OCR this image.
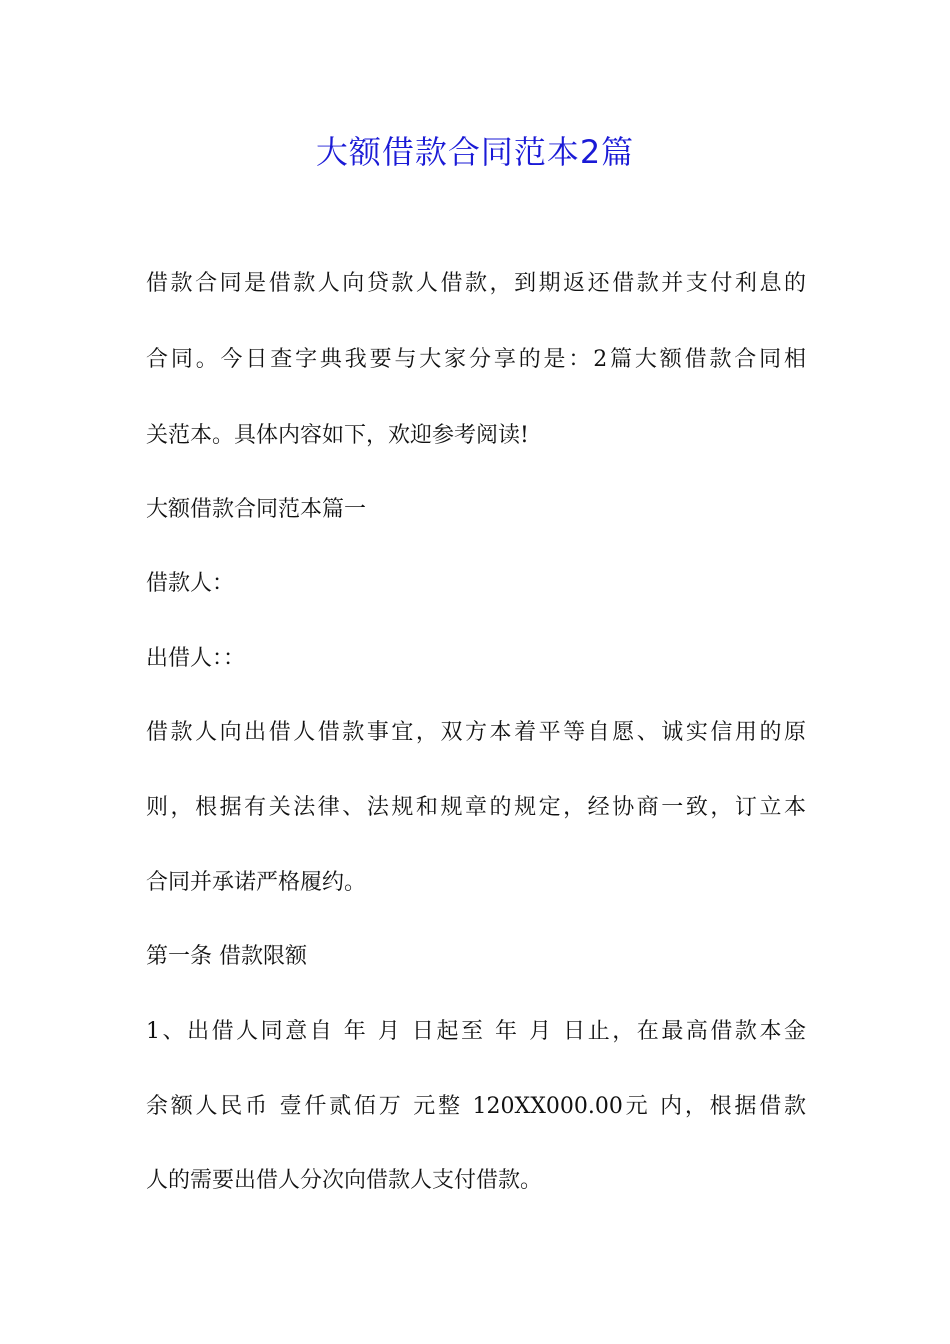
大额借款合同范本2篇
借款合同是借款人向贷款人借款，到期返还借款并支付利息的
合同。今日查字典我要与大家分享的是：2篇大额借款合同相
关范本。具体内容如下，欢迎参考阅读!
大额借款合同范本篇一
借款人：
出借人：：
借款人向出借人借款事宜，双方本着平等自愿、诚实信用的原
则，根据有关法律、法规和规章的规定，经协商一致，订立本
合同并承诺严格履约。
第一条 借款限额
1、出借人同意自 年 月 日起至 年 月 日止，在最高借款本金
余额人民币 壹仟贰佰万 元整 120XX000.00元 内，根据借款
人的需要出借人分次向借款人支付借款。
